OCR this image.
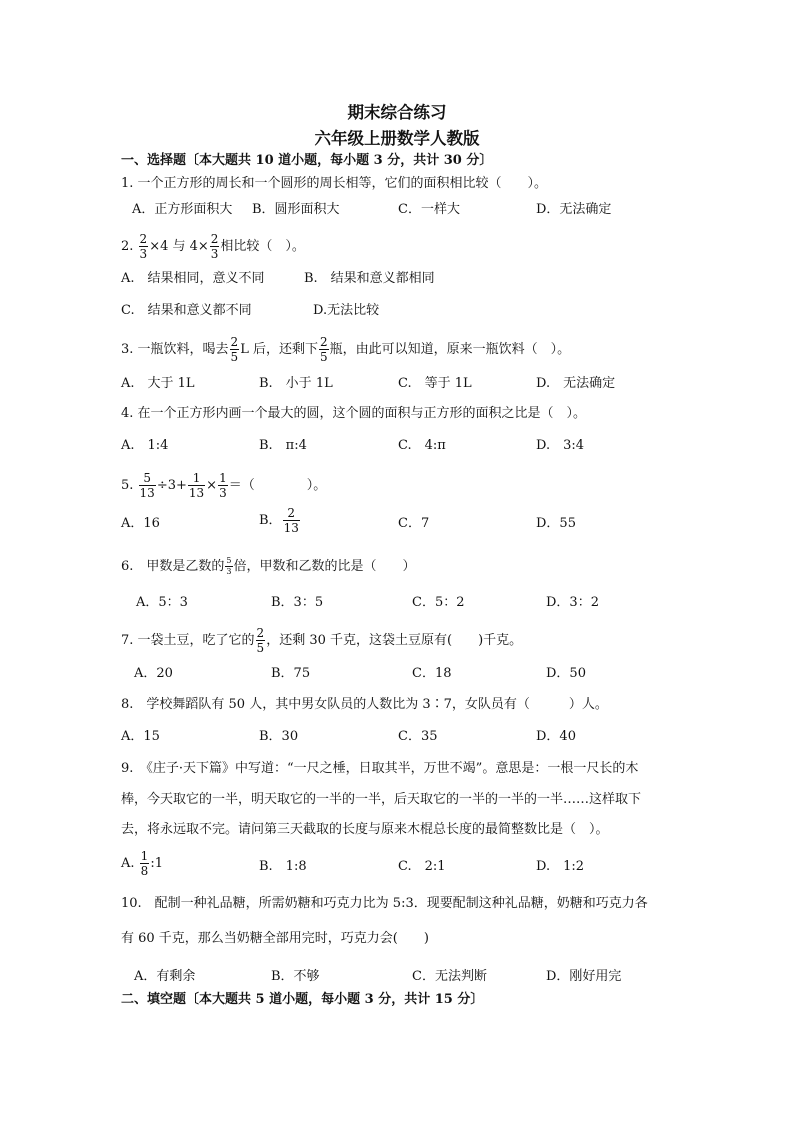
期末综合练习
六年级上册数学人教版
一、选择题〔本大题共 10 道小题，每小题 3 分，共计 30 分〕
1. 一个正方形的周长和一个圆形的周长相等，它们的面积相比较（　　）。
A．正方形面积大 B．圆形面积大	C．一样大	D．无法确定
2. $\frac{2}{3} \times 4$ 与 $4\times \frac{2}{3}$ 相比较（　）。
A.　结果相同，意义不同	B.　结果和意义都相同
C.　结果和意义都不同	D.无法比较
3. 一瓶饮料，喝去 $\frac{2}{5}$ L 后，还剩下 $\frac{2}{5}$ 瓶，由此可以知道，原来一瓶饮料（　）。
A.　大于 1L	B.　小于 1L	C.　等于 1L	D.　无法确定
4. 在一个正方形内画一个最大的圆，这个圆的面积与正方形的面积之比是（　）。
A.　1:4	B.　π:4	C.　4:π	D.　3:4
5. $\frac{5}{13} \div 3+ \frac{1}{13} \times \frac{1}{3}$ ＝（　　　　）。
A．16	B． $\frac{2}{13}$	C．7	D．55
6.　甲数是乙数的 $\frac{5}{3}$ 倍，甲数和乙数的比是（　　）
A．5：3	B．3：5	C．5：2	D．3：2
7. 一袋土豆，吃了它的 $\frac{2}{5}$ ，还剩 30 千克，这袋土豆原有(　　)千克。
A．20	B．75	C．18	D．50
8.　学校舞蹈队有 50 人，其中男女队员的人数比为 3∶7，女队员有（　　　）人。
A．15	B．30	C．35	D．40
9.　《庄子·天下篇》中写道：“一尺之棰，日取其半，万世不竭”。意思是：一根一尺长的木
棒，今天取它的一半，明天取它的一半的一半，后天取它的一半的一半的一半……这样取下
去，将永远取不完。请问第三天截取的长度与原来木棍总长度的最简整数比是（　）。
A. $\frac{1}{8}$ :1	B.　1:8	C.　2:1	D.　1:2
10.　配制一种礼品糖，所需奶糖和巧克力比为 5:3．现要配制这种礼品糖，奶糖和巧克力各
有 60 千克，那么当奶糖全部用完时，巧克力会(　　)
A．有剩余	B．不够	C．无法判断	D．刚好用完
二、填空题〔本大题共 5 道小题，每小题 3 分，共计 15 分〕
